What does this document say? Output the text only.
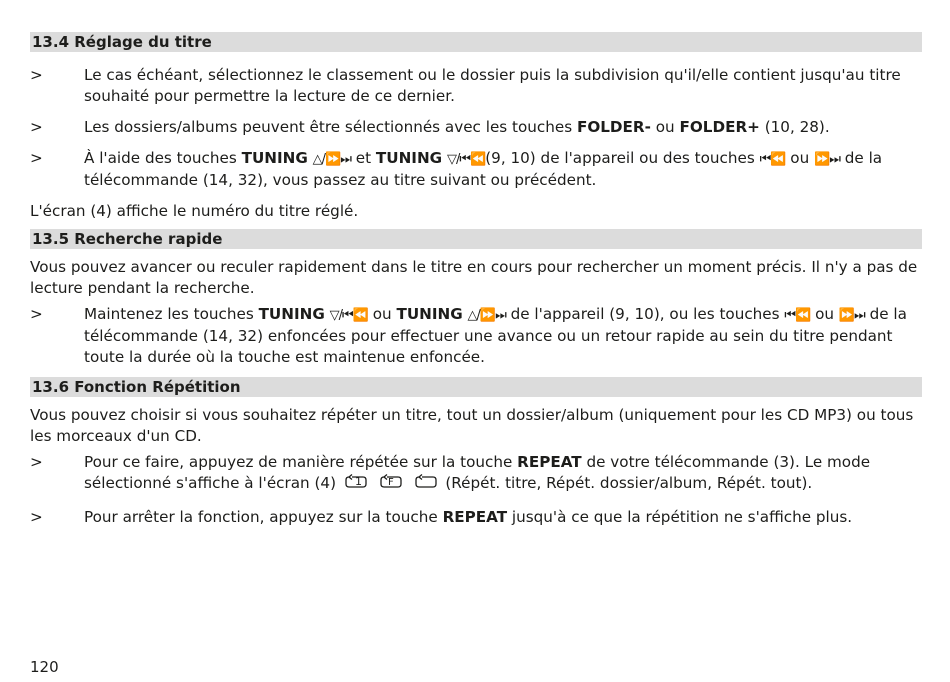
13.4 Réglage du titre
>	Le cas échéant, sélectionnez le classement ou le dossier puis la subdivision qu'il/elle contient jusqu'au titre souhaité pour permettre la lecture de ce dernier.
>	Les dossiers/albums peuvent être sélectionnés avec les touches FOLDER- ou FOLDER+ (10, 28).
>	À l'aide des touches TUNING △/⏩⏭ et TUNING ▽/⏮⏪(9, 10) de l'appareil ou des touches ⏮⏪ ou ⏩⏭ de la télécommande (14, 32), vous passez au titre suivant ou précédent.
L'écran (4) affiche le numéro du titre réglé.
13.5 Recherche rapide
Vous pouvez avancer ou reculer rapidement dans le titre en cours pour rechercher un moment précis. Il n'y a pas de lecture pendant la recherche.
>	Maintenez les touches TUNING ▽/⏮⏪ ou TUNING △/⏩⏭ de l'appareil (9, 10), ou les touches ⏮⏪ ou ⏩⏭ de la télécommande (14, 32) enfoncées pour effectuer une avance ou un retour rapide au sein du titre pendant toute la durée où la touche est maintenue enfoncée.
13.6 Fonction Répétition
Vous pouvez choisir si vous souhaitez répéter un titre, tout un dossier/album (uniquement pour les CD MP3) ou tous les morceaux d'un CD.
>	Pour ce faire, appuyez de manière répétée sur la touche REPEAT de votre télécommande (3). Le mode sélectionné s'affiche à l'écran (4) 1
	F	(Répét. titre, Répét. dossier/album, Répét. tout).
>	Pour arrêter la fonction, appuyez sur la touche REPEAT jusqu'à ce que la répétition ne s'affiche plus.
120
